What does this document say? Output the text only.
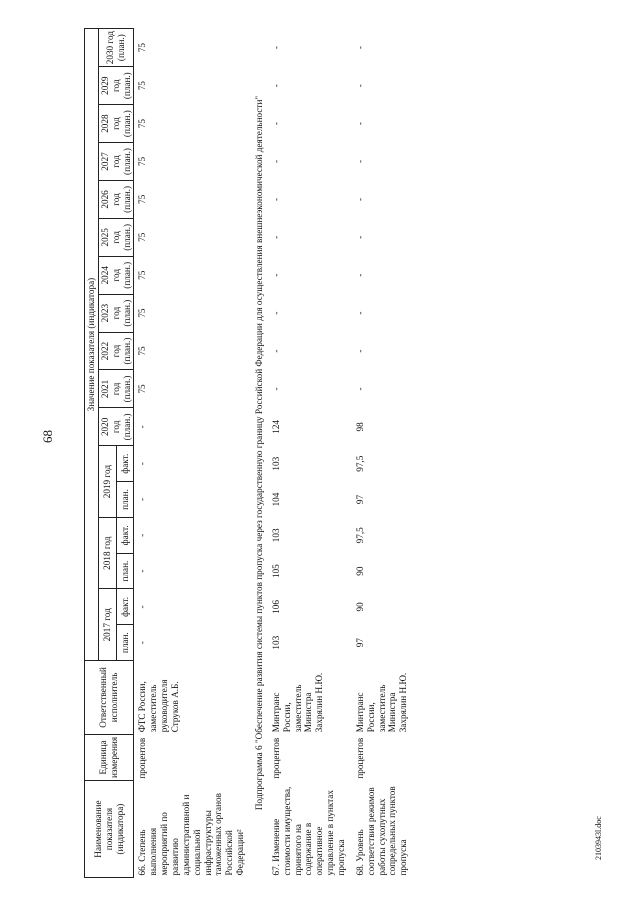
68
2103943l.doc
Наименование показателя (индикатора)	Единица измерения	Ответственный исполнитель	Значение показателя (индикатора)																
			2017 год		2018 год		2019 год		2020 год (план.)	2021 год (план.)	2022 год (план.)	2023 год (план.)	2024 год (план.)	2025 год (план.)	2026 год (план.)	2027 год (план.)	2028 год (план.)	2029 год (план.)	2030 год (план.)
			план.	факт.	план.	факт.	план.	факт.											
66. Степень выполнения мероприятий по развитию административной и социальной инфраструктуры таможенных органов Российской Федерации²	процентов	ФТС России, заместитель руководителя Струков А.Б.	-	-	-	-	-	-	-	75	75	75	75	75	75	75	75	75	75
Подпрограмма 6 "Обеспечение развития системы пунктов пропуска через государственную границу Российской Федерации для осуществления внешнеэкономической деятельности"																			
67. Изменение стоимости имущества, принятого на содержание в оперативное управление в пунктах пропуска	процентов	Минтранс России, заместитель Министра Захрялин Н.Ю.	103	106	105	103	104	103	124	-	-	-	-	-	-	-	-	-	-
68. Уровень соответствия режимов работы сухопутных сопредельных пунктов пропуска	процентов	Минтранс России, заместитель Министра Захрялин Н.Ю.	97	90	90	97,5	97	97,5	98	-	-	-	-	-	-	-	-	-	-
